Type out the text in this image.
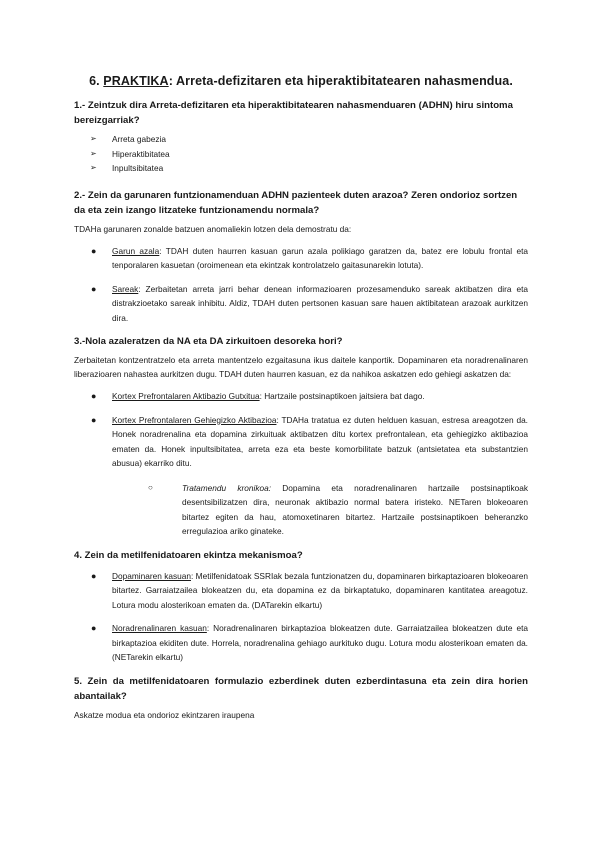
6. PRAKTIKA: Arreta-defizitaren eta hiperaktibitatearen nahasmendua.
1.- Zeintzuk dira Arreta-defizitaren eta hiperaktibitatearen nahasmenduaren (ADHN) hiru sintoma bereizgarriak?
➢ Arreta gabezia
➢ Hiperaktibitatea
➢ Inpultsibitatea
2.- Zein da garunaren funtzionamenduan ADHN pazienteek duten arazoa? Zeren ondorioz sortzen da eta zein izango litzateke funtzionamendu normala?
TDAHa garunaren zonalde batzuen anomaliekin lotzen dela demostratu da:
● Garun azala: TDAH duten haurren kasuan garun azala polikiago garatzen da, batez ere lobulu frontal eta tenporalaren kasuetan (oroimenean eta ekintzak kontrolatzelo gaitasunarekin lotuta).
● Sareak: Zerbaitetan arreta jarri behar denean informazioaren prozesamenduko sareak aktibatzen dira eta distrakzioetako sareak inhibitu. Aldiz, TDAH duten pertsonen kasuan sare hauen aktibitatean arazoak aurkitzen dira.
3.-Nola azaleratzen da NA eta DA zirkuitoen desoreka hori?
Zerbaitetan kontzentratzelo eta arreta mantentzelo ezgaitasuna ikus daitele kanportik. Dopaminaren eta noradrenalinaren liberazioaren nahastea aurkitzen dugu. TDAH duten haurren kasuan, ez da nahikoa askatzen edo gehiegi askatzen da:
● Kortex Prefrontalaren Aktibazio Gutxitua: Hartzaile postsinaptikoen jaitsiera bat dago.
● Kortex Prefrontalaren Gehiegizko Aktibazioa: TDAHa tratatua ez duten helduen kasuan, estresa areagotzen da. Honek noradrenalina eta dopamina zirkuituak aktibatzen ditu kortex prefrontalean, eta gehiegizko aktibazioa ematen da. Honek inpultsibitatea, arreta eza eta beste komorbilitate batzuk (antsietatea eta substantzien abusua) ekarriko ditu.
○	Tratamendu kronikoa: Dopamina eta noradrenalinaren hartzaile postsinaptikoak desentsibilizatzen dira, neuronak aktibazio normal batera iristeko. NETaren blokeoaren bitartez egiten da hau, atomoxetinaren bitartez. Hartzaile postsinaptikoen beheranzko erregulazioa ariko ginateke.
4. Zein da metilfenidatoaren ekintza mekanismoa?
● Dopaminaren kasuan: Metilfenidatoak SSRIak bezala funtzionatzen du, dopaminaren birkaptazioaren blokeoaren bitartez. Garraiatzailea blokeatzen du, eta dopamina ez da birkaptatuko, dopaminaren kantitatea areagotuz. Lotura modu alosterikoan ematen da. (DATarekin elkartu)
● Noradrenalinaren kasuan: Noradrenalinaren birkaptazioa blokeatzen dute. Garraiatzailea blokeatzen dute eta birkaptazioa ekiditen dute. Horrela, noradrenalina gehiago aurkituko dugu. Lotura modu alosterikoan ematen da. (NETarekin elkartu)
5. Zein da metilfenidatoaren formulazio ezberdinek duten ezberdintasuna eta zein dira horien abantailak?
Askatze modua eta ondorioz ekintzaren iraupena
